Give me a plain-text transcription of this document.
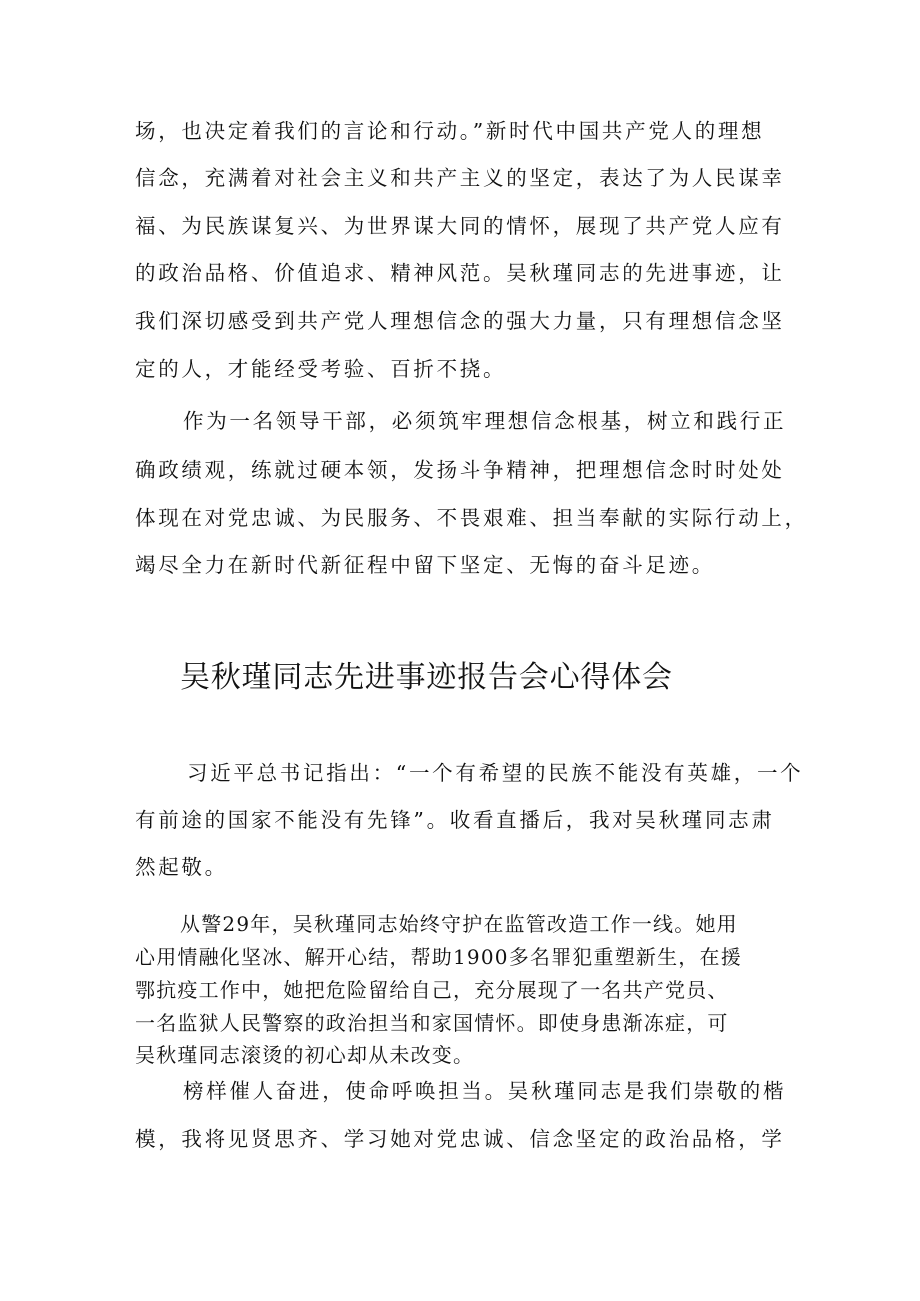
场，也决定着我们的言论和行动。”新时代中国共产党人的理想

信念，充满着对社会主义和共产主义的坚定，表达了为人民谋幸

福、为民族谋复兴、为世界谋大同的情怀，展现了共产党人应有

的政治品格、价值追求、精神风范。吴秋瑾同志的先进事迹，让

我们深切感受到共产党人理想信念的强大力量，只有理想信念坚

定的人，才能经受考验、百折不挠。

作为一名领导干部，必须筑牢理想信念根基，树立和践行正

确政绩观，练就过硬本领，发扬斗争精神，把理想信念时时处处

体现在对党忠诚、为民服务、不畏艰难、担当奉献的实际行动上，

竭尽全力在新时代新征程中留下坚定、无悔的奋斗足迹。

吴秋瑾同志先进事迹报告会心得体会

习近平总书记指出：“一个有希望的民族不能没有英雄，一个

有前途的国家不能没有先锋”。收看直播后，我对吴秋瑾同志肃

然起敬。

从警29年，吴秋瑾同志始终守护在监管改造工作一线。她用

心用情融化坚冰、解开心结，帮助1900多名罪犯重塑新生，在援

鄂抗疫工作中，她把危险留给自己，充分展现了一名共产党员、

一名监狱人民警察的政治担当和家国情怀。即使身患渐冻症，可

吴秋瑾同志滚烫的初心却从未改变。

榜样催人奋进，使命呼唤担当。吴秋瑾同志是我们崇敬的楷

模，我将见贤思齐、学习她对党忠诚、信念坚定的政治品格，学
